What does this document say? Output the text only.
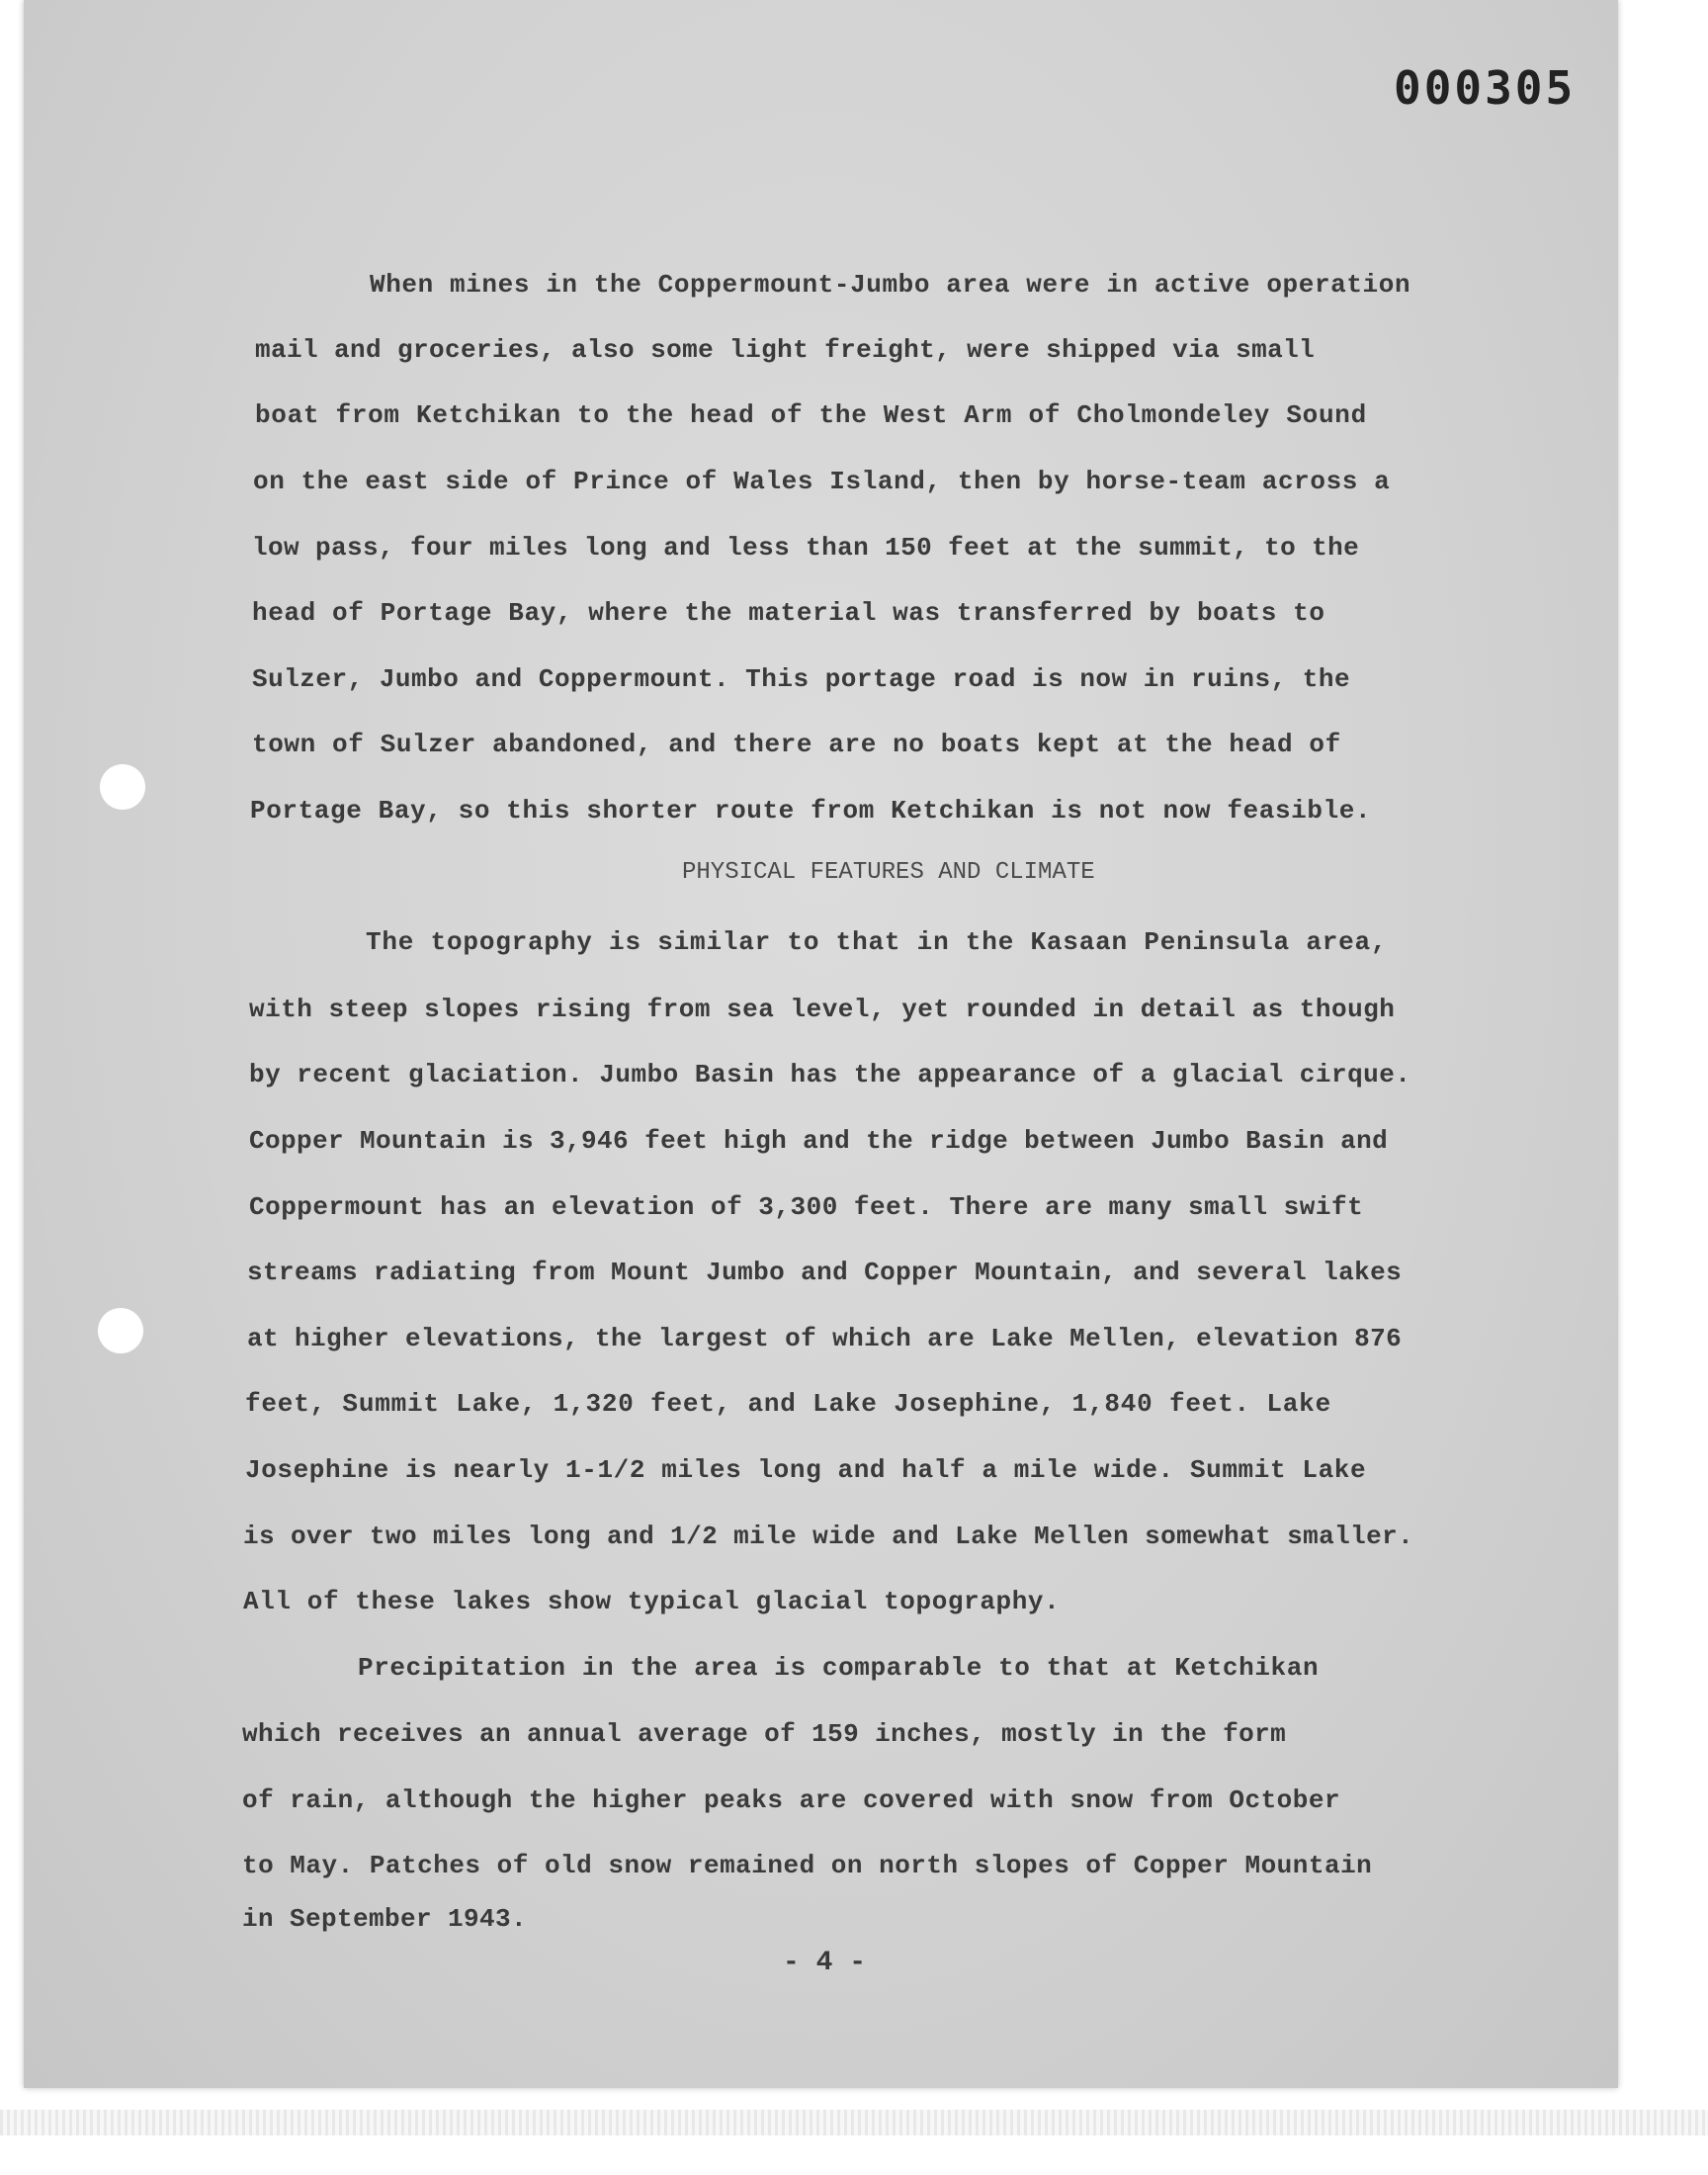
000305
When mines in the Coppermount-Jumbo area were in active operation
mail and groceries, also some light freight, were shipped via small
boat from Ketchikan to the head of the West Arm of Cholmondeley Sound
on the east side of Prince of Wales Island, then by horse-team across a
low pass, four miles long and less than 150 feet at the summit, to the
head of Portage Bay, where the material was transferred by boats to
Sulzer, Jumbo and Coppermount. This portage road is now in ruins, the
town of Sulzer abandoned, and there are no boats kept at the head of
Portage Bay, so this shorter route from Ketchikan is not now feasible.
PHYSICAL FEATURES AND CLIMATE
The topography is similar to that in the Kasaan Peninsula area,
with steep slopes rising from sea level, yet rounded in detail as though
by recent glaciation. Jumbo Basin has the appearance of a glacial cirque.
Copper Mountain is 3,946 feet high and the ridge between Jumbo Basin and
Coppermount has an elevation of 3,300 feet. There are many small swift
streams radiating from Mount Jumbo and Copper Mountain, and several lakes
at higher elevations, the largest of which are Lake Mellen, elevation 876
feet, Summit Lake, 1,320 feet, and Lake Josephine, 1,840 feet. Lake
Josephine is nearly 1-1/2 miles long and half a mile wide. Summit Lake
is over two miles long and 1/2 mile wide and Lake Mellen somewhat smaller.
All of these lakes show typical glacial topography.
Precipitation in the area is comparable to that at Ketchikan
which receives an annual average of 159 inches, mostly in the form
of rain, although the higher peaks are covered with snow from October
to May. Patches of old snow remained on north slopes of Copper Mountain
in September 1943.
- 4 -
